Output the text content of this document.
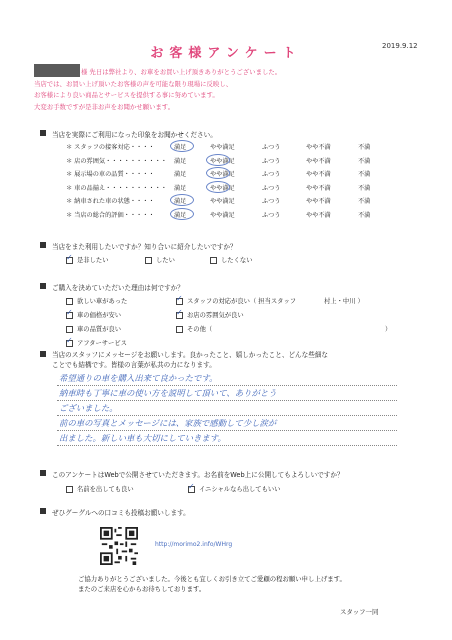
お客様アンケート	2019.9.12
様 先日は弊社より、お車をお買い上げ頂きありがとうございました。
当店では、お買い上げ頂いたお客様の声を可能な限り現場に反映し、
お客様により良い商品とサービスを提供する事に努めています。
大変お手数ですが是非お声をお聞かせ願います。
当店を実際にご利用になった印象をお聞かせください。
＊ スタッフの接客対応・・・・	満足	やや満足	ふつう	やや不満	不満
＊ 店の雰囲気・・・・・・・・・・ 満足	やや満足	ふつう	やや不満	不満
＊ 展示場の車の品質・・・・・	満足	やや満足	ふつう	やや不満	不満
＊ 車の品揃え・・・・・・・・・・ 満足	やや満足	ふつう	やや不満	不満
＊ 納車された車の状態・・・・	満足	やや満足	ふつう	やや不満	不満
＊ 当店の総合的評価・・・・・	満足	やや満足	ふつう	やや不満	不満
当店をまた利用したいですか？知り合いに紹介したいですか？
✓是非したい	したい	したくない
ご購入を決めていただいた理由は何ですか？
欲しい車があった
✓車の価格が安い
車の品質が良い
✓アフターサービス
✓スタッフの対応が良い（ 担当スタッフ	村上・中川 ）
✓お店の雰囲気が良い
その他（	）
当店のスタッフにメッセージをお願いします。良かったこと、嬉しかったこと、どんな些細な
ことでも結構です。皆様の言葉が私共の力になります。
希望通りの車を購入出来て良かったです。
納車時も丁寧に車の使い方を説明して頂いて、ありがとう
ございました。
前の車の写真とメッセージには、家族で感動して少し涙が
出ました。新しい車も大切にしていきます。
このアンケートはWebで公開させていただきます。お名前をWeb上に公開してもよろしいですか？
名前を出しても良い
✓	イニシャルなら出してもいい
ぜひグーグルへの口コミも投稿お願いします。
http://morimo2.info/WHrg
ご協力ありがとうございました。今後とも宜しくお引き立てご愛顧の程お願い申し上げます。
またのご来店を心からお待ちしております。
スタッフ一同
